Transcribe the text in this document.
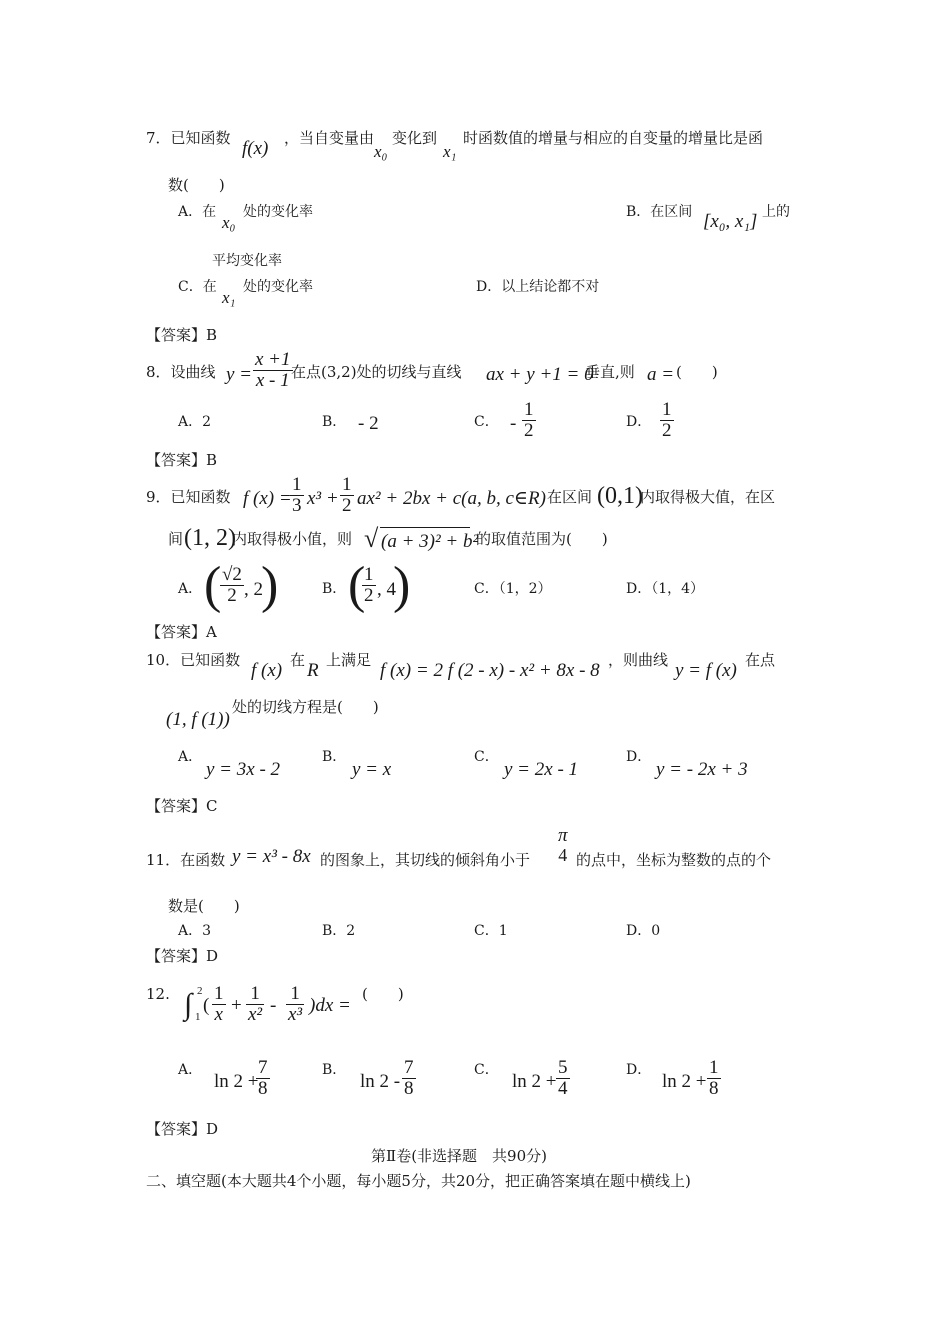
7．已知函数 f(x) ，当自变量由
x₀
变化到
x₁
时函数值的增量与相应的自变量的增量比是函
数(　　)
A．在
x₀
处的变化率	B．在区间 [x₀, x₁] 上的
平均变化率
C．在
x₁
处的变化率	D．以上结论都不对
【答案】B
8．设曲线 y =
x +1
x - 1 在点(3,2)处的切线与直线 ax + y +1 = 0
垂直,则 a = (　　)
A．2	B． - 2	C． -
1
2	D．
1
2
【答案】B
9．已知函数 f (x) =
1
3 x³ +
1
2 ax² + 2bx + c(a, b, c∈R) 在区间 (0,1)
内取得极大值，在区
间 (1, 2)
内取得极小值，则 √ (a + 3)² + b²
的取值范围为(　　)
A． ( √2
2 , 2
)	B． (
1
2 , 4
)	C．（1，2）	D．（1，4）
【答案】A
10．已知函数 f (x) 在 R 上满足 f (x) = 2 f (2 - x) - x² + 8x - 8 ，则曲线 y = f (x) 在点
(1, f (1))
处的切线方程是(　　)
A．
y = 3x - 2
B．
y = x
C．
y = 2x - 1
D．
y = - 2x + 3
【答案】C
11．在函数 y = x³ - 8x 的图象上，其切线的倾斜角小于
π
4 的点中，坐标为整数的点的个
数是(　　)
A．3	B．2	C．1	D．0
【答案】D
12. ∫ 2
1
(
1
x +
1
x² -
1
x³ )dx =
(　　)
A．
ln 2 +
7
8
B．
ln 2 -
7
8
C．
ln 2 +
5
4
D．
ln 2 +
1
8
【答案】D
第Ⅱ卷(非选择题　共90分)
二、填空题(本大题共4个小题，每小题5分，共20分，把正确答案填在题中横线上)
